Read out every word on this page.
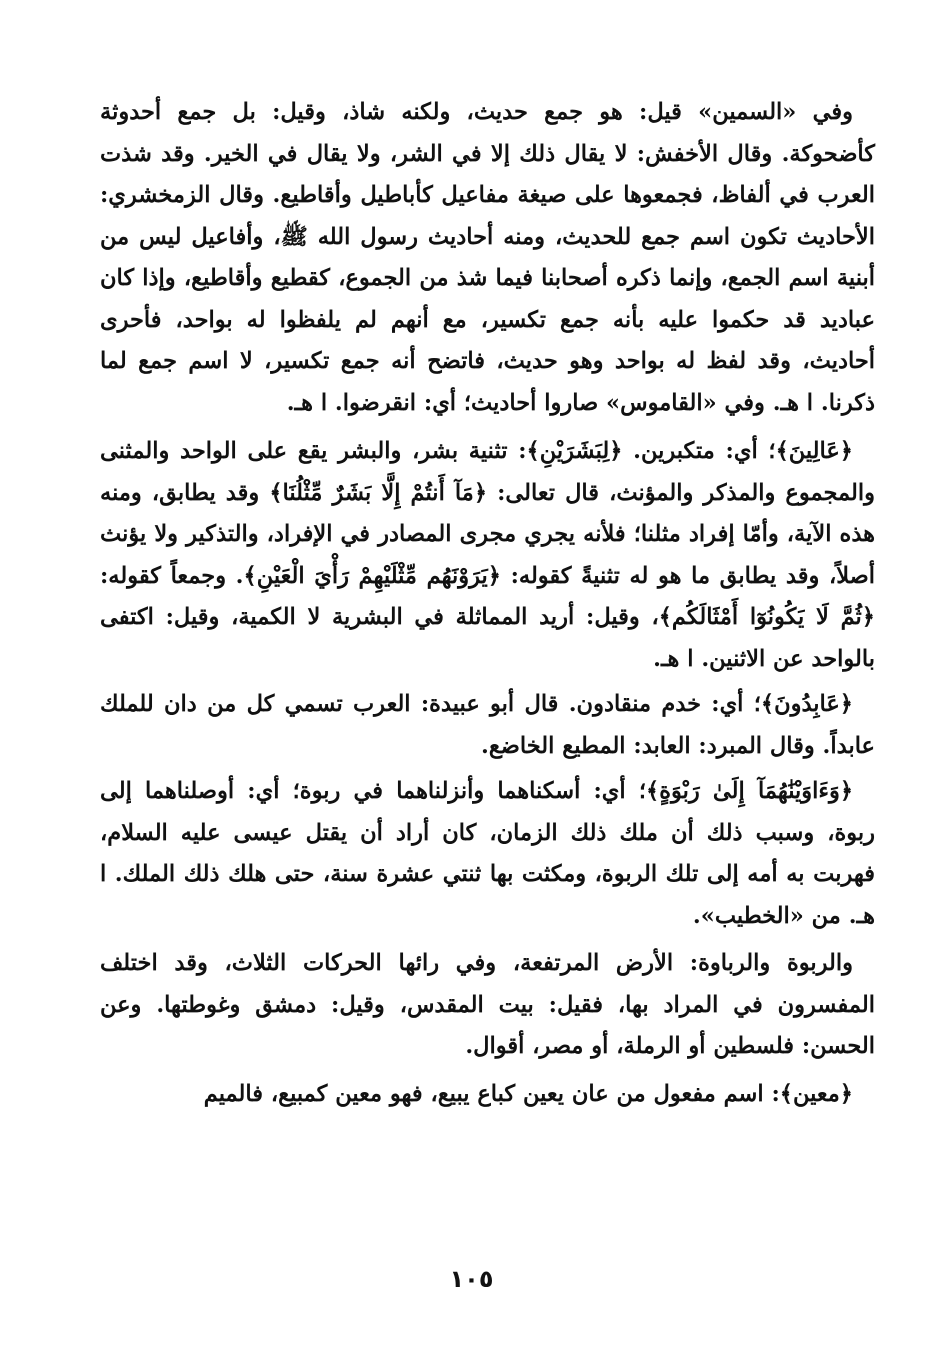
وفي «السمين» قيل: هو جمع حديث، ولكنه شاذ، وقيل: بل جمع أحدوثة كأضحوكة. وقال الأخفش: لا يقال ذلك إلا في الشر، ولا يقال في الخير. وقد شذت العرب في ألفاظ، فجمعوها على صيغة مفاعيل كأباطيل وأقاطيع. وقال الزمخشري: الأحاديث تكون اسم جمع للحديث، ومنه أحاديث رسول الله ﷺ، وأفاعيل ليس من أبنية اسم الجمع، وإنما ذكره أصحابنا فيما شذ من الجموع، كقطيع وأقاطيع، وإذا كان عباديد قد حكموا عليه بأنه جمع تكسير، مع أنهم لم يلفظوا له بواحد، فأحرى أحاديث، وقد لفظ له بواحد وهو حديث، فاتضح أنه جمع تكسير، لا اسم جمع لما ذكرنا. ا هـ. وفي «القاموس» صاروا أحاديث؛ أي: انقرضوا. ا هـ.

﴿عَالِينَ﴾؛ أي: متكبرين. ﴿لِبَشَرَيْنِ﴾: تثنية بشر، والبشر يقع على الواحد والمثنى والمجموع والمذكر والمؤنث، قال تعالى: ﴿مَآ أَنتُمْ إِلَّا بَشَرٌ مِّثْلُنَا﴾ وقد يطابق، ومنه هذه الآية، وأمّا إفراد مثلنا؛ فلأنه يجري مجرى المصادر في الإفراد، والتذكير ولا يؤنث أصلاً، وقد يطابق ما هو له تثنيةً كقوله: ﴿يَرَوْنَهُم مِّثْلَيْهِمْ رَأْيَ الْعَيْنِ﴾. وجمعاً كقوله: ﴿ثُمَّ لَا يَكُونُوٓا أَمْثَالَكُم﴾، وقيل: أريد المماثلة في البشرية لا الكمية، وقيل: اكتفى بالواحد عن الاثنين. ا هـ.

﴿عَابِدُونَ﴾؛ أي: خدم منقادون. قال أبو عبيدة: العرب تسمي كل من دان للملك عابداً. وقال المبرد: العابد: المطيع الخاضع.

﴿وَءَاوَيْنَٰهُمَآ إِلَىٰ رَبْوَةٍ﴾؛ أي: أسكناهما وأنزلناهما في ربوة؛ أي: أوصلناهما إلى ربوة، وسبب ذلك أن ملك ذلك الزمان، كان أراد أن يقتل عيسى عليه السلام، فهربت به أمه إلى تلك الربوة، ومكثت بها ثنتي عشرة سنة، حتى هلك ذلك الملك. ا هـ. من «الخطيب».

والربوة والرباوة: الأرض المرتفعة، وفي رائها الحركات الثلاث، وقد اختلف المفسرون في المراد بها، فقيل: بيت المقدس، وقيل: دمشق وغوطتها. وعن الحسن: فلسطين أو الرملة، أو مصر، أقوال.

﴿معين﴾: اسم مفعول من عان يعين كباع يبيع، فهو معين كمبيع، فالميم

١٠٥
